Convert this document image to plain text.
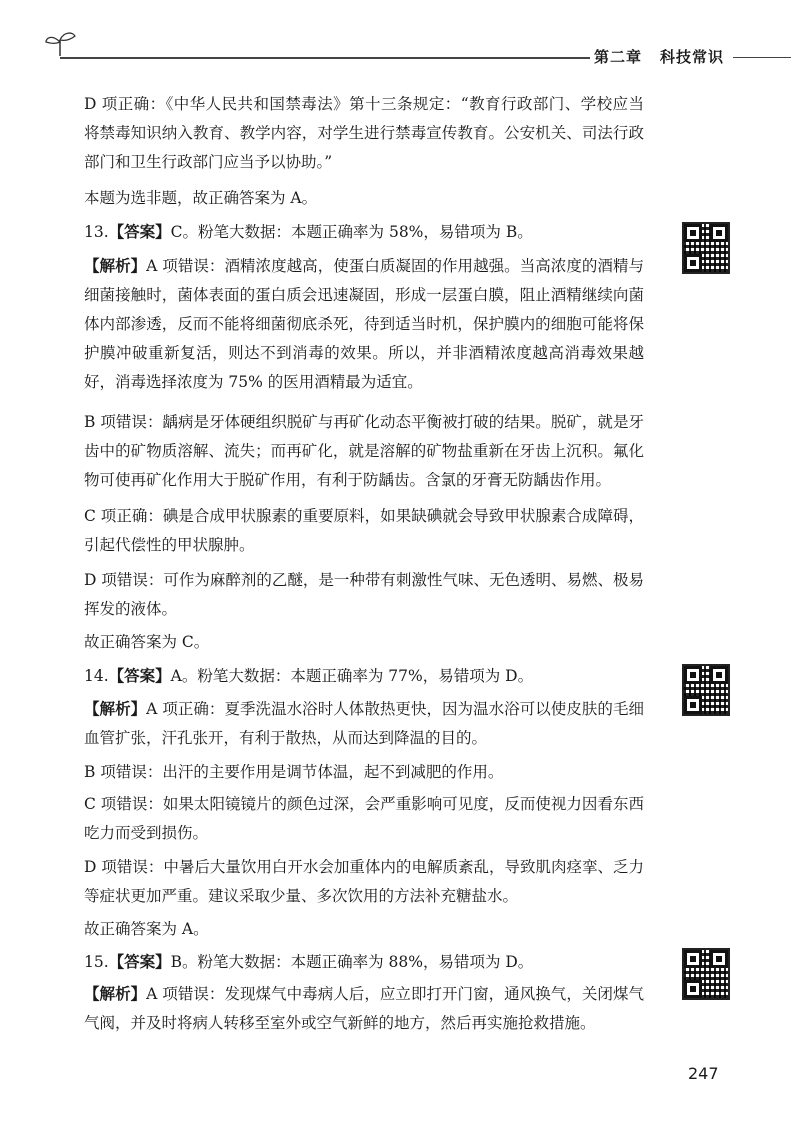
第二章 科技常识
D 项正确：《中华人民共和国禁毒法》第十三条规定：“教育行政部门、学校应当将禁毒知识纳入教育、教学内容，对学生进行禁毒宣传教育。公安机关、司法行政部门和卫生行政部门应当予以协助。”
本题为选非题，故正确答案为 A。
13.【答案】C。粉笔大数据：本题正确率为 58%，易错项为 B。
【解析】A 项错误：酒精浓度越高，使蛋白质凝固的作用越强。当高浓度的酒精与细菌接触时，菌体表面的蛋白质会迅速凝固，形成一层蛋白膜，阻止酒精继续向菌体内部渗透，反而不能将细菌彻底杀死，待到适当时机，保护膜内的细胞可能将保护膜冲破重新复活，则达不到消毒的效果。所以，并非酒精浓度越高消毒效果越好，消毒选择浓度为 75% 的医用酒精最为适宜。
B 项错误：龋病是牙体硬组织脱矿与再矿化动态平衡被打破的结果。脱矿，就是牙齿中的矿物质溶解、流失；而再矿化，就是溶解的矿物盐重新在牙齿上沉积。氟化物可使再矿化作用大于脱矿作用，有利于防龋齿。含氯的牙膏无防龋齿作用。
C 项正确：碘是合成甲状腺素的重要原料，如果缺碘就会导致甲状腺素合成障碍，引起代偿性的甲状腺肿。
D 项错误：可作为麻醉剂的乙醚，是一种带有刺激性气味、无色透明、易燃、极易挥发的液体。
故正确答案为 C。
14.【答案】A。粉笔大数据：本题正确率为 77%，易错项为 D。
【解析】A 项正确：夏季洗温水浴时人体散热更快，因为温水浴可以使皮肤的毛细血管扩张，汗孔张开，有利于散热，从而达到降温的目的。
B 项错误：出汗的主要作用是调节体温，起不到减肥的作用。
C 项错误：如果太阳镜镜片的颜色过深，会严重影响可见度，反而使视力因看东西吃力而受到损伤。
D 项错误：中暑后大量饮用白开水会加重体内的电解质紊乱，导致肌肉痉挛、乏力等症状更加严重。建议采取少量、多次饮用的方法补充糖盐水。
故正确答案为 A。
15.【答案】B。粉笔大数据：本题正确率为 88%，易错项为 D。
【解析】A 项错误：发现煤气中毒病人后，应立即打开门窗，通风换气，关闭煤气气阀，并及时将病人转移至室外或空气新鲜的地方，然后再实施抢救措施。
247
